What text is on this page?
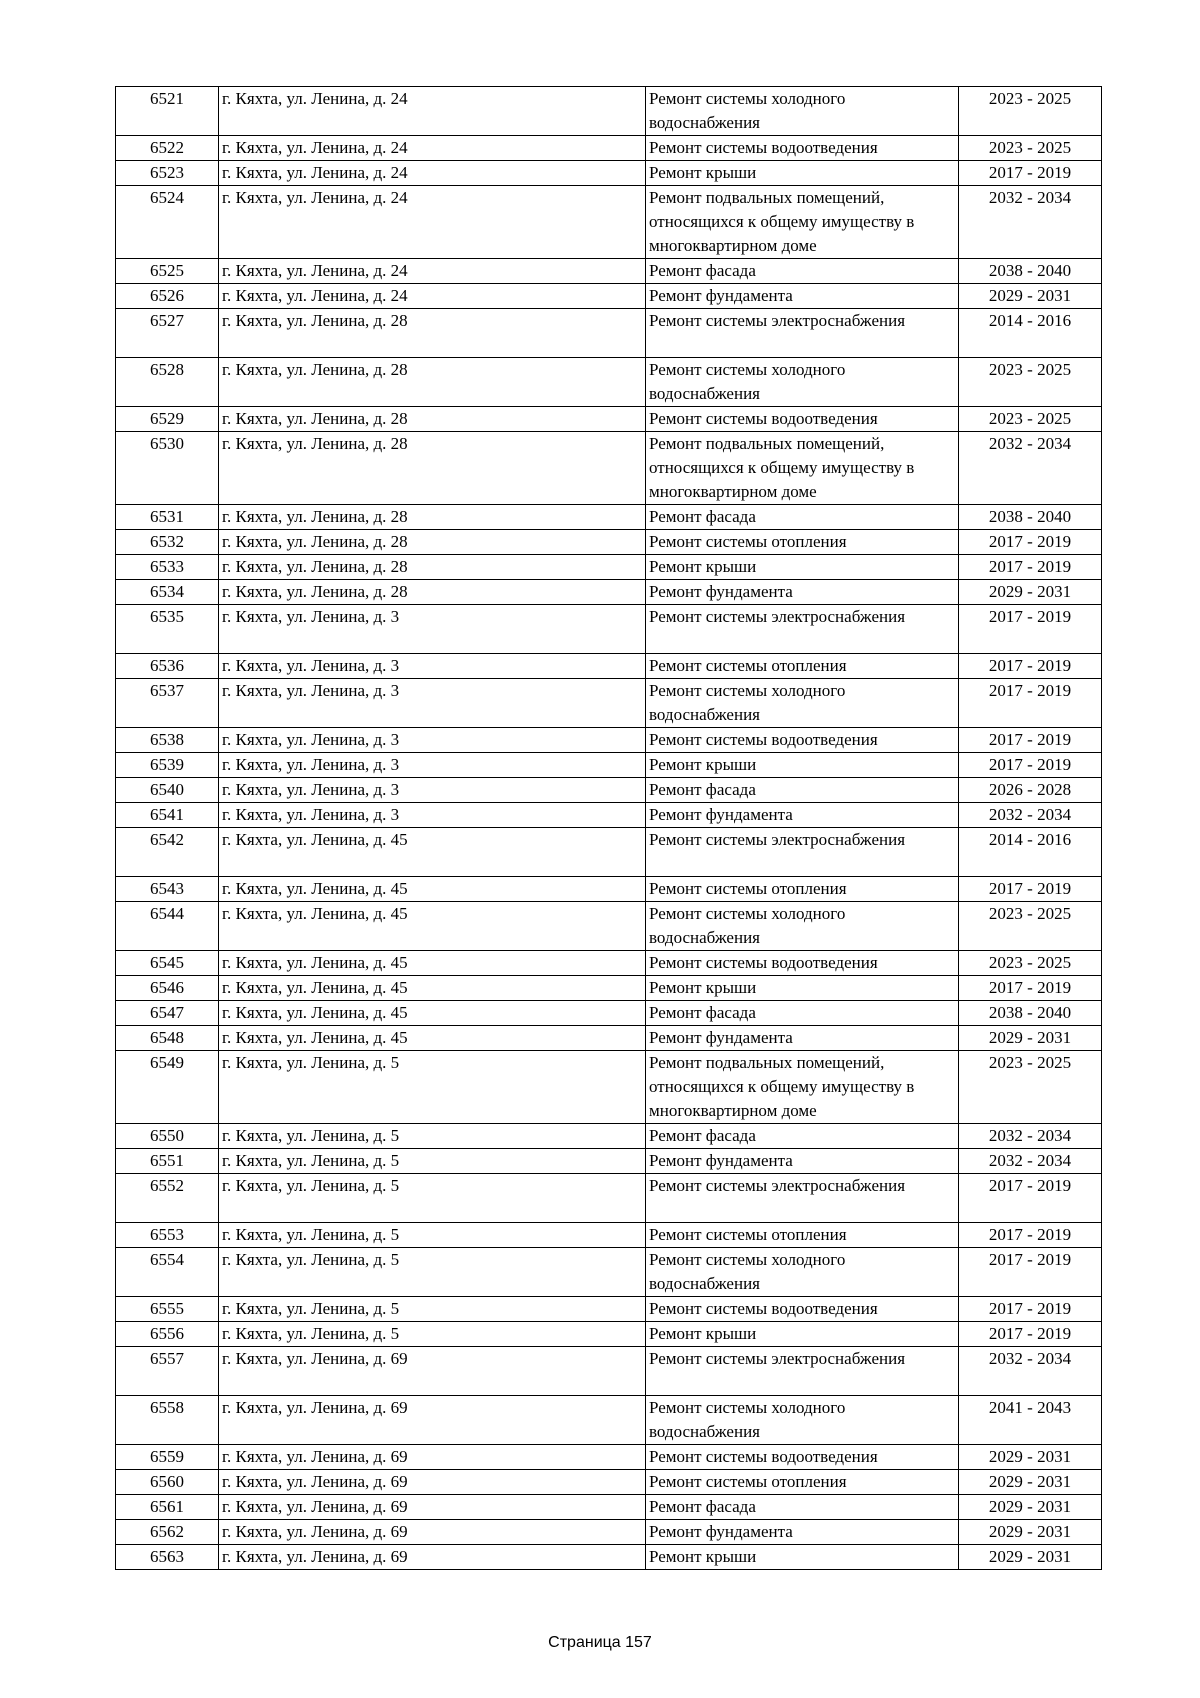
6521	г. Кяхта, ул. Ленина, д. 24	Ремонт системы холодного водоснабжения	2023 - 2025
6522	г. Кяхта, ул. Ленина, д. 24	Ремонт системы водоотведения	2023 - 2025
6523	г. Кяхта, ул. Ленина, д. 24	Ремонт крыши	2017 - 2019
6524	г. Кяхта, ул. Ленина, д. 24	Ремонт подвальных помещений, относящихся к общему имуществу в многоквартирном доме	2032 - 2034
6525	г. Кяхта, ул. Ленина, д. 24	Ремонт фасада	2038 - 2040
6526	г. Кяхта, ул. Ленина, д. 24	Ремонт фундамента	2029 - 2031
6527	г. Кяхта, ул. Ленина, д. 28	Ремонт системы электроснабжения	2014 - 2016
6528	г. Кяхта, ул. Ленина, д. 28	Ремонт системы холодного водоснабжения	2023 - 2025
6529	г. Кяхта, ул. Ленина, д. 28	Ремонт системы водоотведения	2023 - 2025
6530	г. Кяхта, ул. Ленина, д. 28	Ремонт подвальных помещений, относящихся к общему имуществу в многоквартирном доме	2032 - 2034
6531	г. Кяхта, ул. Ленина, д. 28	Ремонт фасада	2038 - 2040
6532	г. Кяхта, ул. Ленина, д. 28	Ремонт системы отопления	2017 - 2019
6533	г. Кяхта, ул. Ленина, д. 28	Ремонт крыши	2017 - 2019
6534	г. Кяхта, ул. Ленина, д. 28	Ремонт фундамента	2029 - 2031
6535	г. Кяхта, ул. Ленина, д. 3	Ремонт системы электроснабжения	2017 - 2019
6536	г. Кяхта, ул. Ленина, д. 3	Ремонт системы отопления	2017 - 2019
6537	г. Кяхта, ул. Ленина, д. 3	Ремонт системы холодного водоснабжения	2017 - 2019
6538	г. Кяхта, ул. Ленина, д. 3	Ремонт системы водоотведения	2017 - 2019
6539	г. Кяхта, ул. Ленина, д. 3	Ремонт крыши	2017 - 2019
6540	г. Кяхта, ул. Ленина, д. 3	Ремонт фасада	2026 - 2028
6541	г. Кяхта, ул. Ленина, д. 3	Ремонт фундамента	2032 - 2034
6542	г. Кяхта, ул. Ленина, д. 45	Ремонт системы электроснабжения	2014 - 2016
6543	г. Кяхта, ул. Ленина, д. 45	Ремонт системы отопления	2017 - 2019
6544	г. Кяхта, ул. Ленина, д. 45	Ремонт системы холодного водоснабжения	2023 - 2025
6545	г. Кяхта, ул. Ленина, д. 45	Ремонт системы водоотведения	2023 - 2025
6546	г. Кяхта, ул. Ленина, д. 45	Ремонт крыши	2017 - 2019
6547	г. Кяхта, ул. Ленина, д. 45	Ремонт фасада	2038 - 2040
6548	г. Кяхта, ул. Ленина, д. 45	Ремонт фундамента	2029 - 2031
6549	г. Кяхта, ул. Ленина, д. 5	Ремонт подвальных помещений, относящихся к общему имуществу в многоквартирном доме	2023 - 2025
6550	г. Кяхта, ул. Ленина, д. 5	Ремонт фасада	2032 - 2034
6551	г. Кяхта, ул. Ленина, д. 5	Ремонт фундамента	2032 - 2034
6552	г. Кяхта, ул. Ленина, д. 5	Ремонт системы электроснабжения	2017 - 2019
6553	г. Кяхта, ул. Ленина, д. 5	Ремонт системы отопления	2017 - 2019
6554	г. Кяхта, ул. Ленина, д. 5	Ремонт системы холодного водоснабжения	2017 - 2019
6555	г. Кяхта, ул. Ленина, д. 5	Ремонт системы водоотведения	2017 - 2019
6556	г. Кяхта, ул. Ленина, д. 5	Ремонт крыши	2017 - 2019
6557	г. Кяхта, ул. Ленина, д. 69	Ремонт системы электроснабжения	2032 - 2034
6558	г. Кяхта, ул. Ленина, д. 69	Ремонт системы холодного водоснабжения	2041 - 2043
6559	г. Кяхта, ул. Ленина, д. 69	Ремонт системы водоотведения	2029 - 2031
6560	г. Кяхта, ул. Ленина, д. 69	Ремонт системы отопления	2029 - 2031
6561	г. Кяхта, ул. Ленина, д. 69	Ремонт фасада	2029 - 2031
6562	г. Кяхта, ул. Ленина, д. 69	Ремонт фундамента	2029 - 2031
6563	г. Кяхта, ул. Ленина, д. 69	Ремонт крыши	2029 - 2031
Страница 157
